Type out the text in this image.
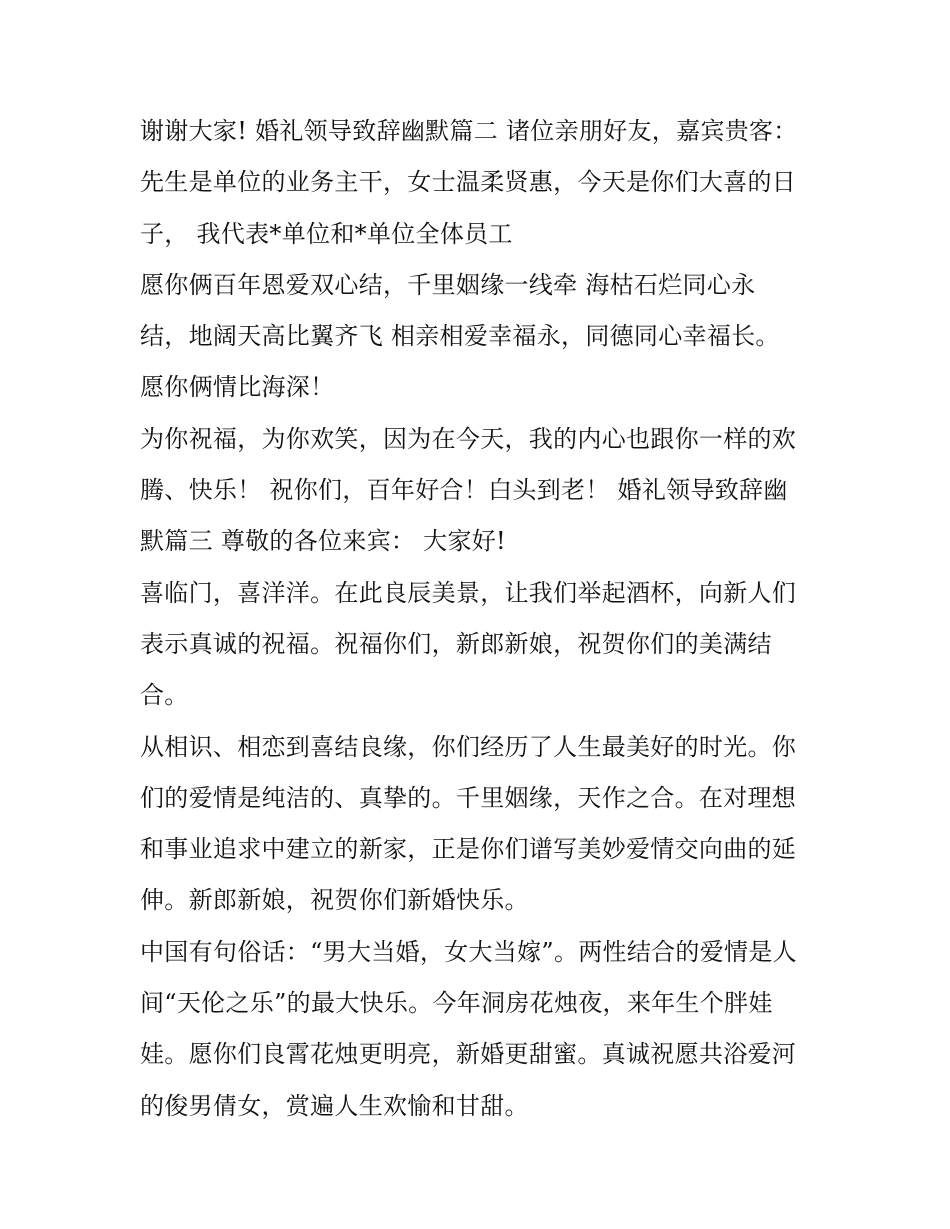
谢谢大家! 婚礼领导致辞幽默篇二 诸位亲朋好友，嘉宾贵客：
先生是单位的业务主干，女士温柔贤惠，今天是你们大喜的日
子， 我代表*单位和*单位全体员工
愿你俩百年恩爱双心结，千里姻缘一线牵 海枯石烂同心永
结，地阔天高比翼齐飞 相亲相爱幸福永，同德同心幸福长。
愿你俩情比海深！
为你祝福，为你欢笑，因为在今天，我的内心也跟你一样的欢
腾、快乐！ 祝你们，百年好合！白头到老！ 婚礼领导致辞幽
默篇三 尊敬的各位来宾： 大家好!
喜临门，喜洋洋。在此良辰美景，让我们举起酒杯，向新人们
表示真诚的祝福。祝福你们，新郎新娘，祝贺你们的美满结
合。
从相识、相恋到喜结良缘，你们经历了人生最美好的时光。你
们的爱情是纯洁的、真挚的。千里姻缘，天作之合。在对理想
和事业追求中建立的新家，正是你们谱写美妙爱情交向曲的延
伸。新郎新娘，祝贺你们新婚快乐。
中国有句俗话：“男大当婚，女大当嫁”。两性结合的爱情是人
间“天伦之乐”的最大快乐。今年洞房花烛夜，来年生个胖娃
娃。愿你们良霄花烛更明亮，新婚更甜蜜。真诚祝愿共浴爱河
的俊男倩女，赏遍人生欢愉和甘甜。
